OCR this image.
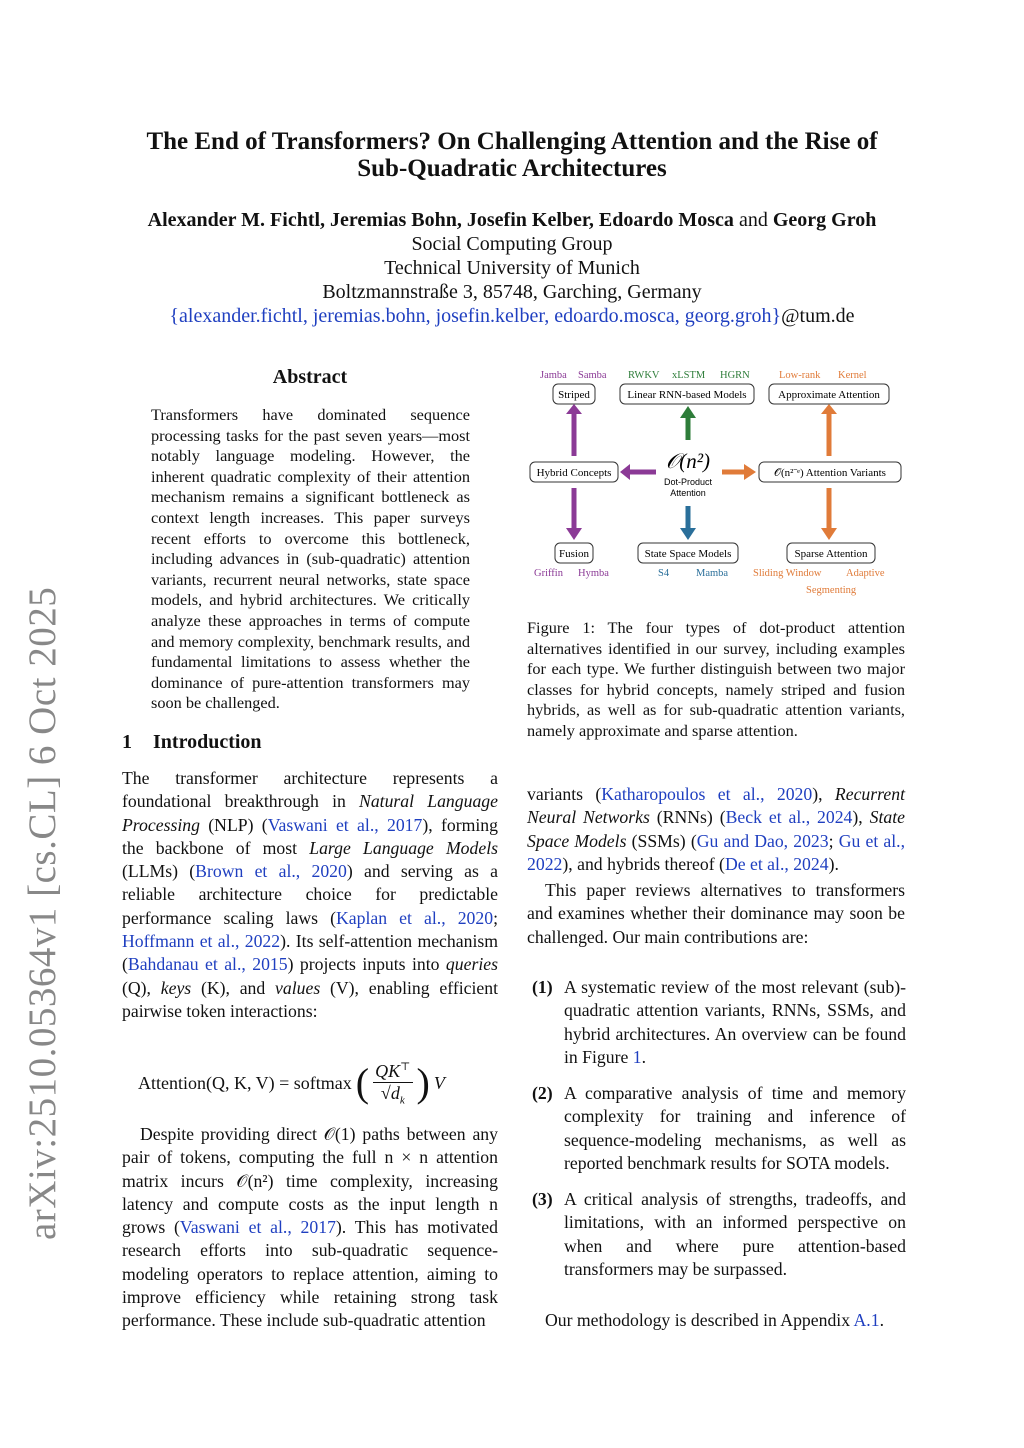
arXiv:2510.05364v1 [cs.CL] 6 Oct 2025
The End of Transformers? On Challenging Attention and the Rise of
Sub-Quadratic Architectures
Alexander M. Fichtl, Jeremias Bohn, Josefin Kelber, Edoardo Mosca and Georg Groh
Social Computing Group
Technical University of Munich
Boltzmannstraße 3, 85748, Garching, Germany
{alexander.fichtl, jeremias.bohn, josefin.kelber, edoardo.mosca, georg.groh}@tum.de
Abstract
Transformers have dominated sequence processing tasks for the past seven years—most notably language modeling. However, the inherent quadratic complexity of their attention mechanism remains a significant bottleneck as context length increases. This paper surveys recent efforts to overcome this bottleneck, including advances in (sub-quadratic) attention variants, recurrent neural networks, state space models, and hybrid architectures. We critically analyze these approaches in terms of compute and memory complexity, benchmark results, and fundamental limitations to assess whether the dominance of pure-attention transformers may soon be challenged.
1 Introduction
The transformer architecture represents a foundational breakthrough in Natural Language Processing (NLP) (Vaswani et al., 2017), forming the backbone of most Large Language Models (LLMs) (Brown et al., 2020) and serving as a reliable architecture choice for predictable performance scaling laws (Kaplan et al., 2020; Hoffmann et al., 2022). Its self-attention mechanism (Bahdanau et al., 2015) projects inputs into queries (Q), keys (K), and values (V), enabling efficient pairwise token interactions:
Attention(Q, K, V) = softmax ( $\frac{QK^⊤}{√d_k}$ ) V
Despite providing direct 𝒪(1) paths between any pair of tokens, computing the full n × n attention matrix incurs 𝒪(n²) time complexity, increasing latency and compute costs as the input length n grows (Vaswani et al., 2017). This has motivated research efforts into sub-quadratic sequence-modeling operators to replace attention, aiming to improve efficiency while retaining strong task performance. These include sub-quadratic attention
Jamba Samba RWKV xLSTM HGRN	Low-rank Kernel
Striped	Linear RNN-based Models	Approximate Attention
Hybrid Concepts	𝒪(n²)
Dot-Product
Attention
𝒪(n²⁻ᵉ) Attention Variants
Fusion	State Space Models	Sparse Attention
Griffin Hymba	S4	Mamba Sliding Window Adaptive
Segmenting
Figure 1: The four types of dot-product attention alternatives identified in our survey, including examples for each type. We further distinguish between two major classes for hybrid concepts, namely striped and fusion hybrids, as well as for sub-quadratic attention variants, namely approximate and sparse attention.
variants (Katharopoulos et al., 2020), Recurrent Neural Networks (RNNs) (Beck et al., 2024), State Space Models (SSMs) (Gu and Dao, 2023; Gu et al., 2022), and hybrids thereof (De et al., 2024).
This paper reviews alternatives to transformers and examines whether their dominance may soon be challenged. Our main contributions are:
(1) A systematic review of the most relevant (sub)-quadratic attention variants, RNNs, SSMs, and hybrid architectures. An overview can be found in Figure 1.
(2) A comparative analysis of time and memory complexity for training and inference of sequence-modeling mechanisms, as well as reported benchmark results for SOTA models.
(3) A critical analysis of strengths, tradeoffs, and limitations, with an informed perspective on when and where pure attention-based transformers may be surpassed.
Our methodology is described in Appendix A.1.
